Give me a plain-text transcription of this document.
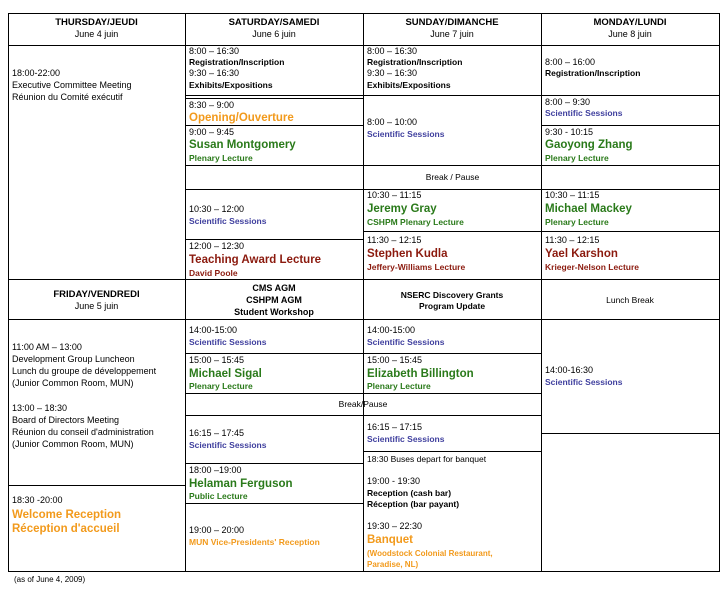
THURSDAY/JEUDI
June 4 juin
SATURDAY/SAMEDI
June 6 juin
SUNDAY/DIMANCHE
June 7 juin
MONDAY/LUNDI
June 8 juin
18:00-22:00
Executive Committee Meeting
Réunion du Comité exécutif
8:00 – 16:30
Registration/Inscription
9:30 – 16:30
Exhibits/Expositions
8:30 – 9:00
Opening/Ouverture
9:00 – 9:45
Susan Montgomery
Plenary Lecture
8:00 – 16:30
Registration/Inscription
9:30 – 16:30
Exhibits/Expositions
8:00 – 10:00
Scientific Sessions
8:00 – 16:00
Registration/Inscription
8:00 – 9:30
Scientific Sessions
9:30 - 10:15
Gaoyong Zhang
Plenary Lecture
Break / Pause
10:30 – 12:00
Scientific Sessions
12:00 – 12:30
Teaching Award Lecture
David Poole
10:30 – 11:15
Jeremy Gray
CSHPM Plenary Lecture
11:30 – 12:15
Stephen Kudla
Jeffery-Williams Lecture
10:30 – 11:15
Michael Mackey
Plenary Lecture
11:30 – 12:15
Yael Karshon
Krieger-Nelson Lecture
FRIDAY/VENDREDI
June 5 juin
CMS AGM
CSHPM AGM
Student Workshop
NSERC Discovery Grants
Program Update
Lunch Break
11:00 AM – 13:00
Development Group Luncheon
Lunch du groupe de développement
(Junior Common Room, MUN)
13:00 – 18:30
Board of Directors Meeting
Réunion du conseil d'administration
(Junior Common Room, MUN)
18:30 -20:00
Welcome Reception
Réception d'accueil
14:00-15:00
Scientific Sessions
15:00 – 15:45
Michael Sigal
Plenary Lecture
Break/Pause
16:15 – 17:45
Scientific Sessions
18:00 –19:00
Helaman Ferguson
Public Lecture
19:00 – 20:00
MUN Vice-Presidents' Reception
14:00-15:00
Scientific Sessions
15:00 – 15:45
Elizabeth Billington
Plenary Lecture
16:15 – 17:15
Scientific Sessions
18:30 Buses depart for banquet
19:00 - 19:30
Reception (cash bar)
Réception (bar payant)
19:30 – 22:30
Banquet
(Woodstock Colonial Restaurant,
Paradise, NL)
14:00-16:30
Scientific Sessions
(as of June 4, 2009)
